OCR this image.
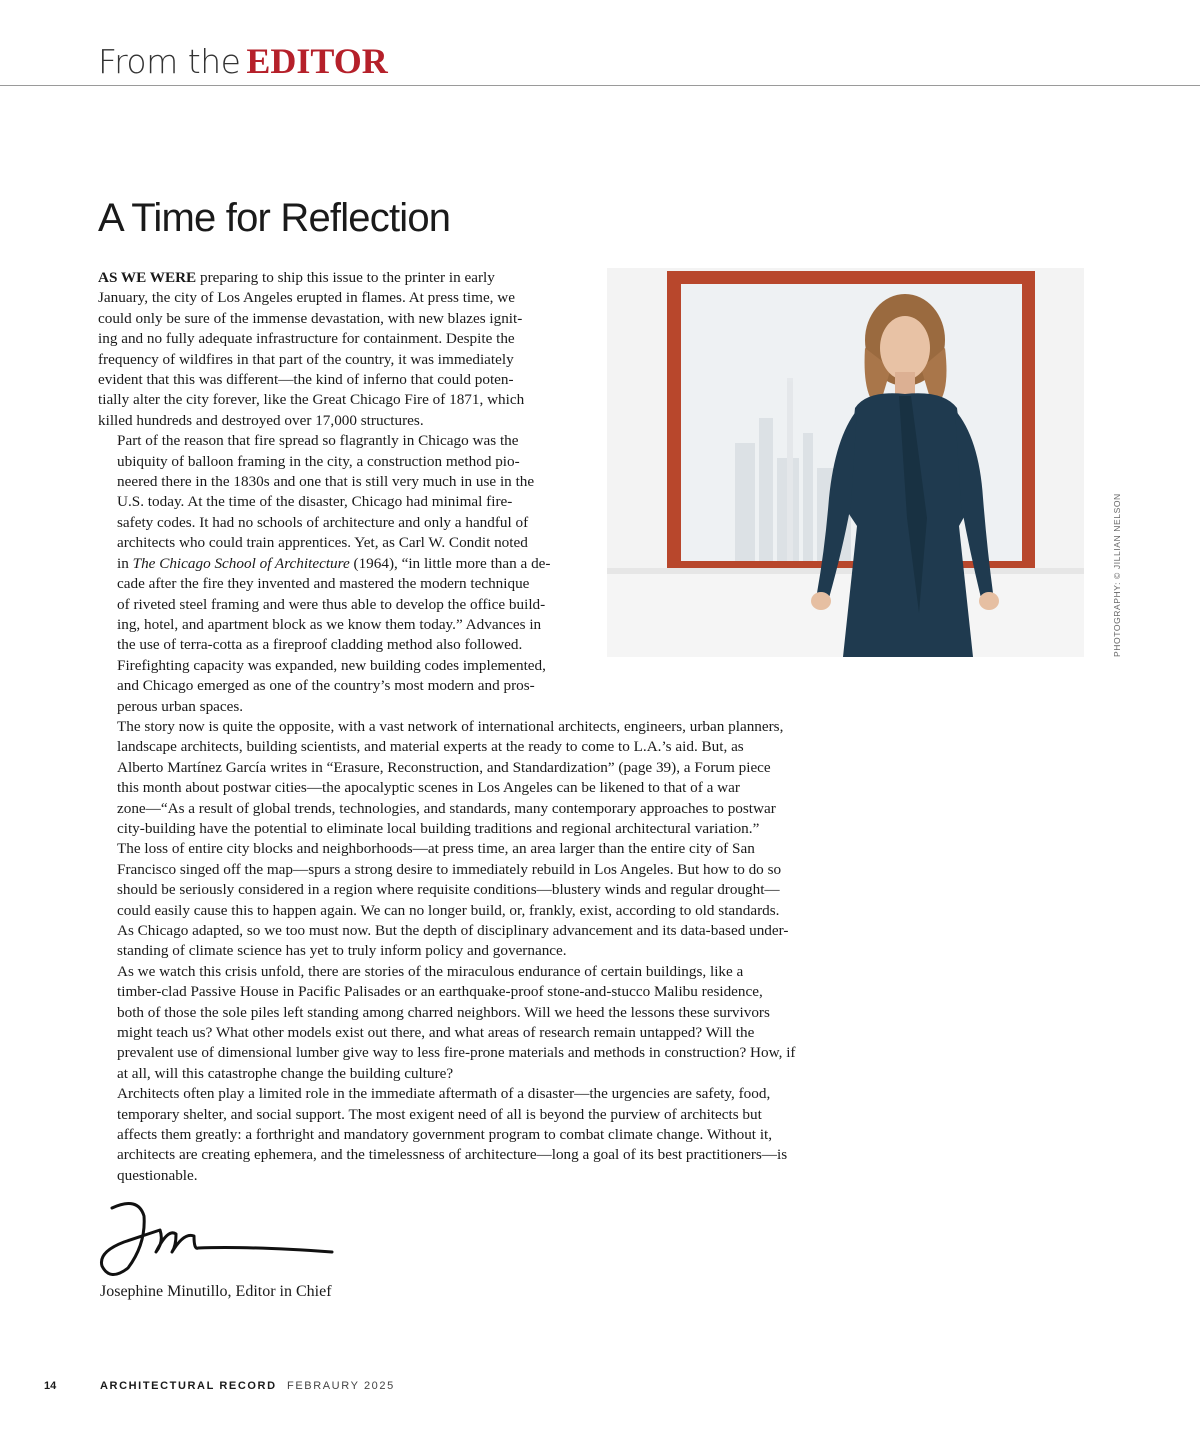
From the EDITOR
A Time for Reflection
PHOTOGRAPHY: © JILLIAN NELSON

AS WE WERE preparing to ship this issue to the printer in early
January, the city of Los Angeles erupted in flames. At press time, we
could only be sure of the immense devastation, with new blazes ignit-
ing and no fully adequate infrastructure for containment. Despite the
frequency of wildfires in that part of the country, it was immediately
evident that this was different—the kind of inferno that could poten-
tially alter the city forever, like the Great Chicago Fire of 1871, which
killed hundreds and destroyed over 17,000 structures.

Part of the reason that fire spread so flagrantly in Chicago was the
ubiquity of balloon framing in the city, a construction method pio-
neered there in the 1830s and one that is still very much in use in the
U.S. today. At the time of the disaster, Chicago had minimal fire-
safety codes. It had no schools of architecture and only a handful of
architects who could train apprentices. Yet, as Carl W. Condit noted
in The Chicago School of Architecture (1964), “in little more than a de-
cade after the fire they invented and mastered the modern technique
of riveted steel framing and were thus able to develop the office build-
ing, hotel, and apartment block as we know them today.” Advances in
the use of terra-cotta as a fireproof cladding method also followed.
Firefighting capacity was expanded, new building codes implemented,
and Chicago emerged as one of the country’s most modern and pros-
perous urban spaces.

The story now is quite the opposite, with a vast network of international architects, engineers, urban planners,
landscape architects, building scientists, and material experts at the ready to come to L.A.’s aid. But, as
Alberto Martínez García writes in “Erasure, Reconstruction, and Standardization” (page 39), a Forum piece
this month about postwar cities—the apocalyptic scenes in Los Angeles can be likened to that of a war
zone—“As a result of global trends, technologies, and standards, many contemporary approaches to postwar
city-building have the potential to eliminate local building traditions and regional architectural variation.”

The loss of entire city blocks and neighborhoods—at press time, an area larger than the entire city of San
Francisco singed off the map—spurs a strong desire to immediately rebuild in Los Angeles. But how to do so
should be seriously considered in a region where requisite conditions—blustery winds and regular drought—
could easily cause this to happen again. We can no longer build, or, frankly, exist, according to old standards.
As Chicago adapted, so we too must now. But the depth of disciplinary advancement and its data-based under-
standing of climate science has yet to truly inform policy and governance.

As we watch this crisis unfold, there are stories of the miraculous endurance of certain buildings, like a
timber-clad Passive House in Pacific Palisades or an earthquake-proof stone-and-stucco Malibu residence,
both of those the sole piles left standing among charred neighbors. Will we heed the lessons these survivors
might teach us? What other models exist out there, and what areas of research remain untapped? Will the
prevalent use of dimensional lumber give way to less fire-prone materials and methods in construction? How, if
at all, will this catastrophe change the building culture?

Architects often play a limited role in the immediate aftermath of a disaster—the urgencies are safety, food,
temporary shelter, and social support. The most exigent need of all is beyond the purview of architects but
affects them greatly: a forthright and mandatory government program to combat climate change. Without it,
architects are creating ephemera, and the timelessness of architecture—long a goal of its best practitioners—is
questionable.

Josephine Minutillo, Editor in Chief
14	ARCHITECTURAL RECORD FEBRAURY 2025
